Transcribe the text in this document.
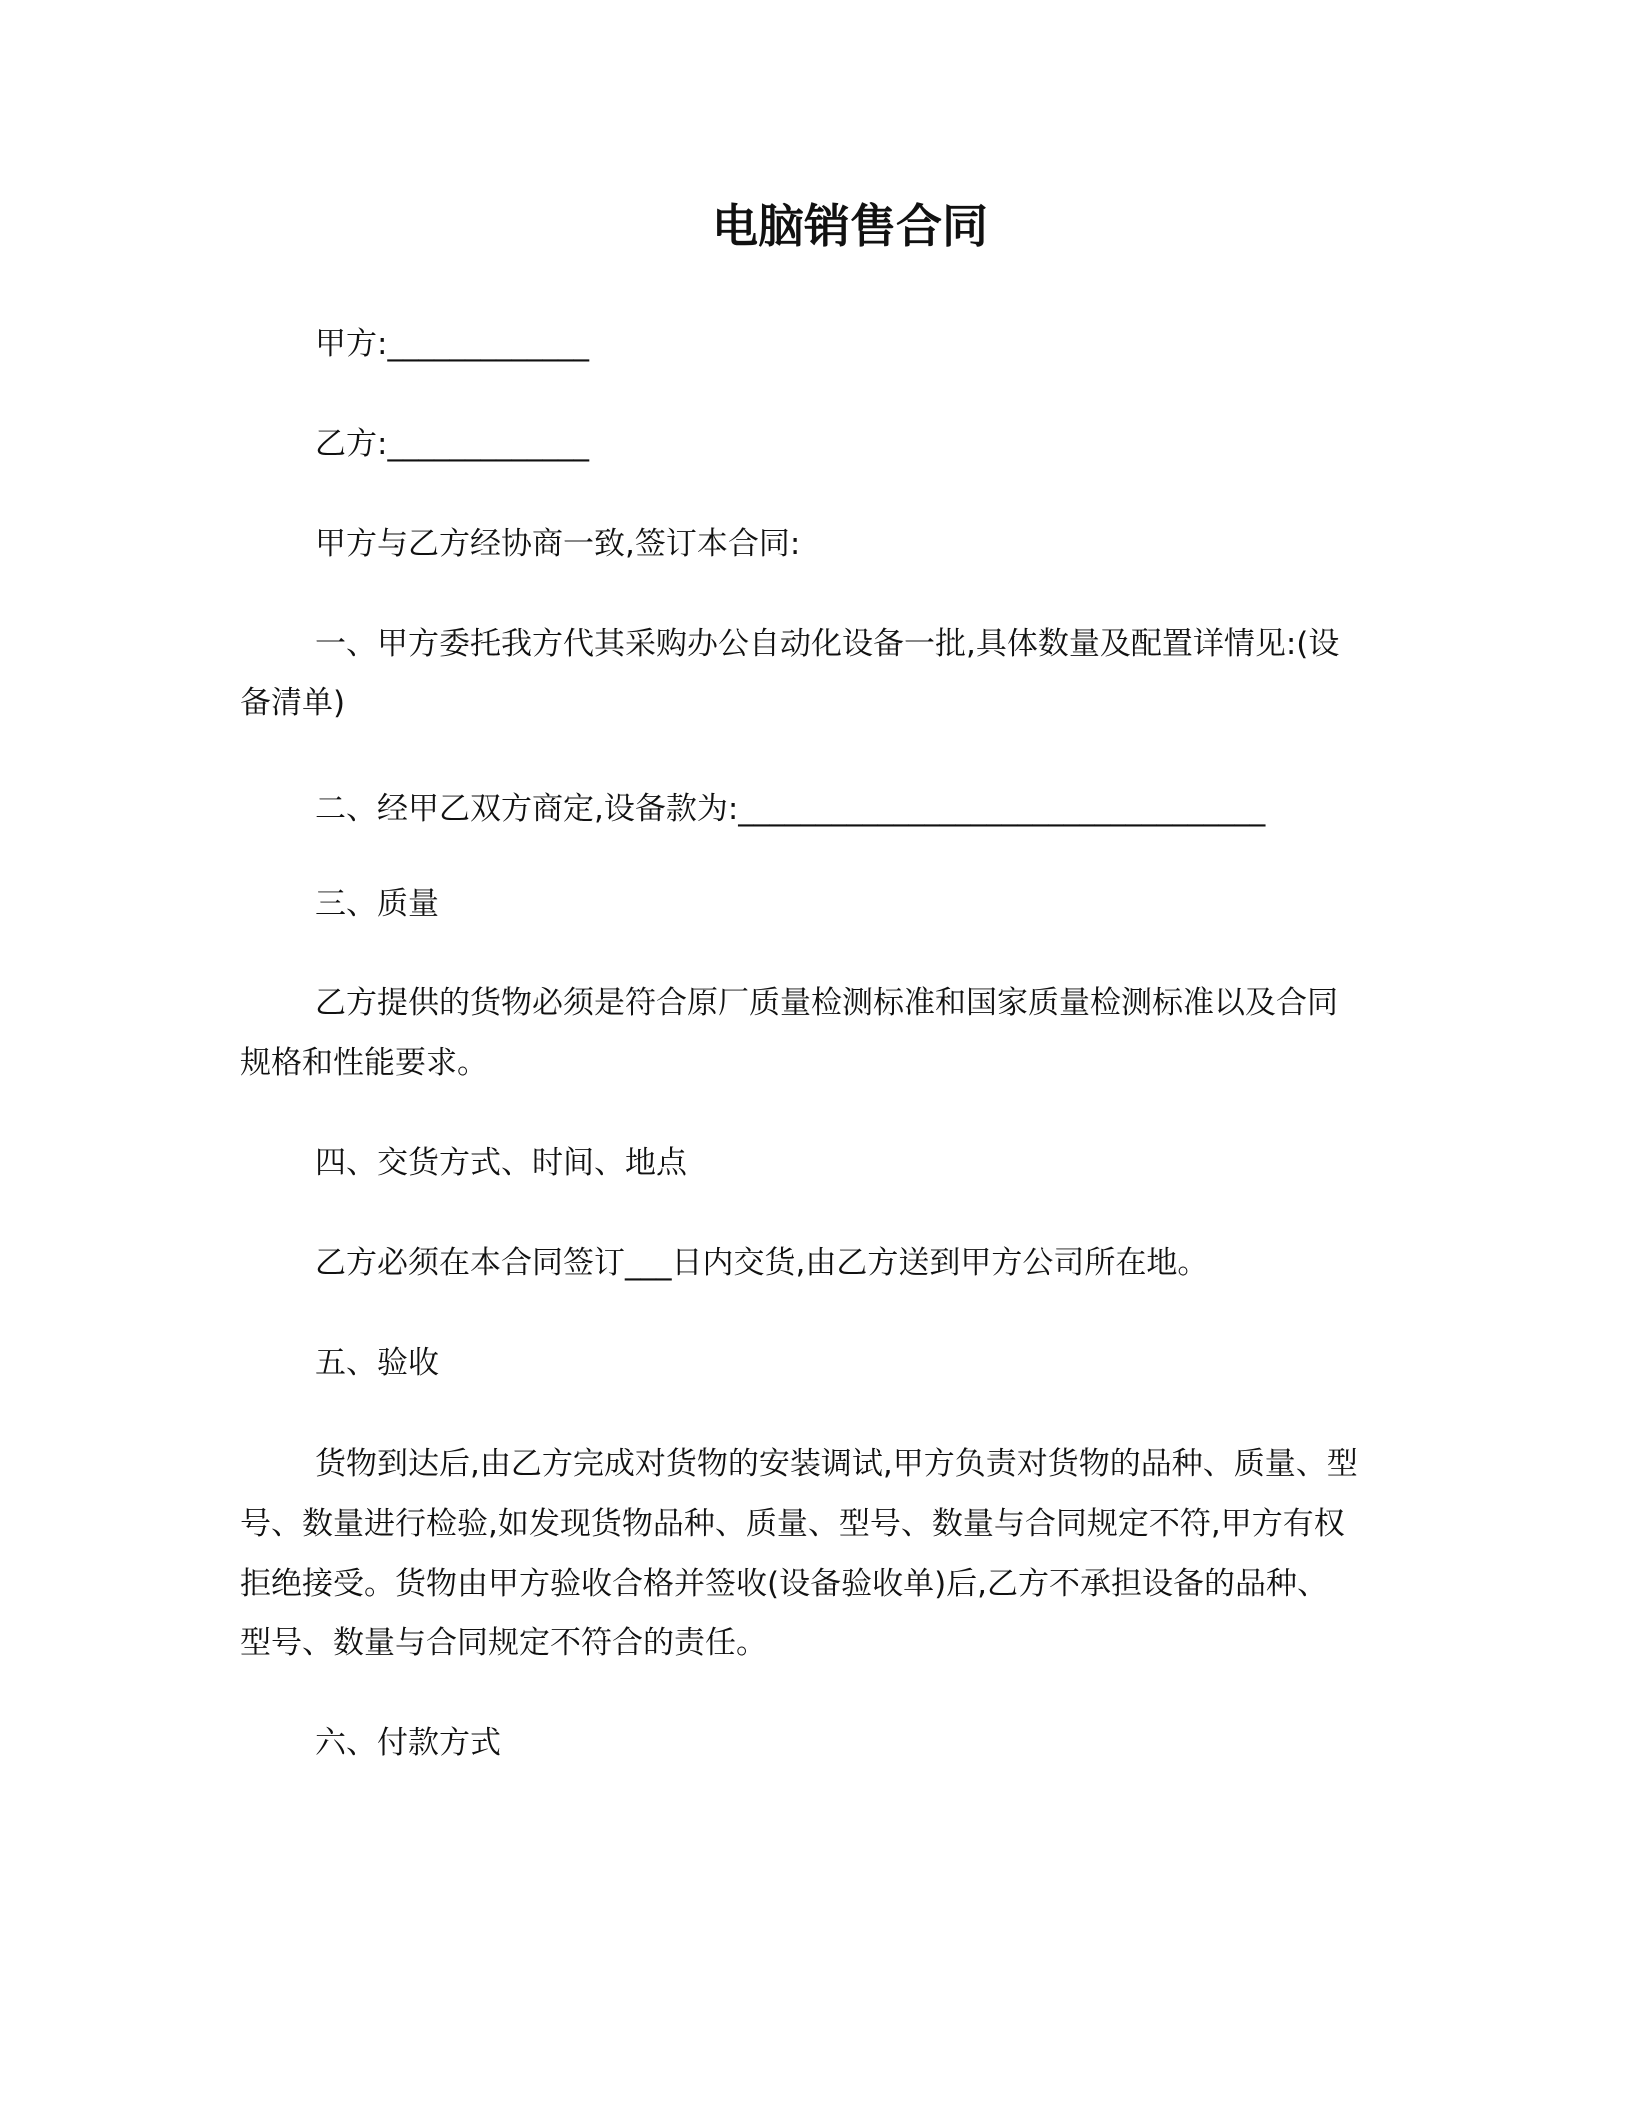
电脑销售合同
甲方:_____________
乙方:_____________
甲方与乙方经协商一致,签订本合同:
一、甲方委托我方代其采购办公自动化设备一批,具体数量及配置详情见:(设
备清单)
二、经甲乙双方商定,设备款为:__________________________________
三、质量
乙方提供的货物必须是符合原厂质量检测标准和国家质量检测标准以及合同
规格和性能要求。
四、交货方式、时间、地点
乙方必须在本合同签订___日内交货,由乙方送到甲方公司所在地。
五、验收
货物到达后,由乙方完成对货物的安装调试,甲方负责对货物的品种、质量、型
号、数量进行检验,如发现货物品种、质量、型号、数量与合同规定不符,甲方有权
拒绝接受。货物由甲方验收合格并签收(设备验收单)后,乙方不承担设备的品种、
型号、数量与合同规定不符合的责任。
六、付款方式
